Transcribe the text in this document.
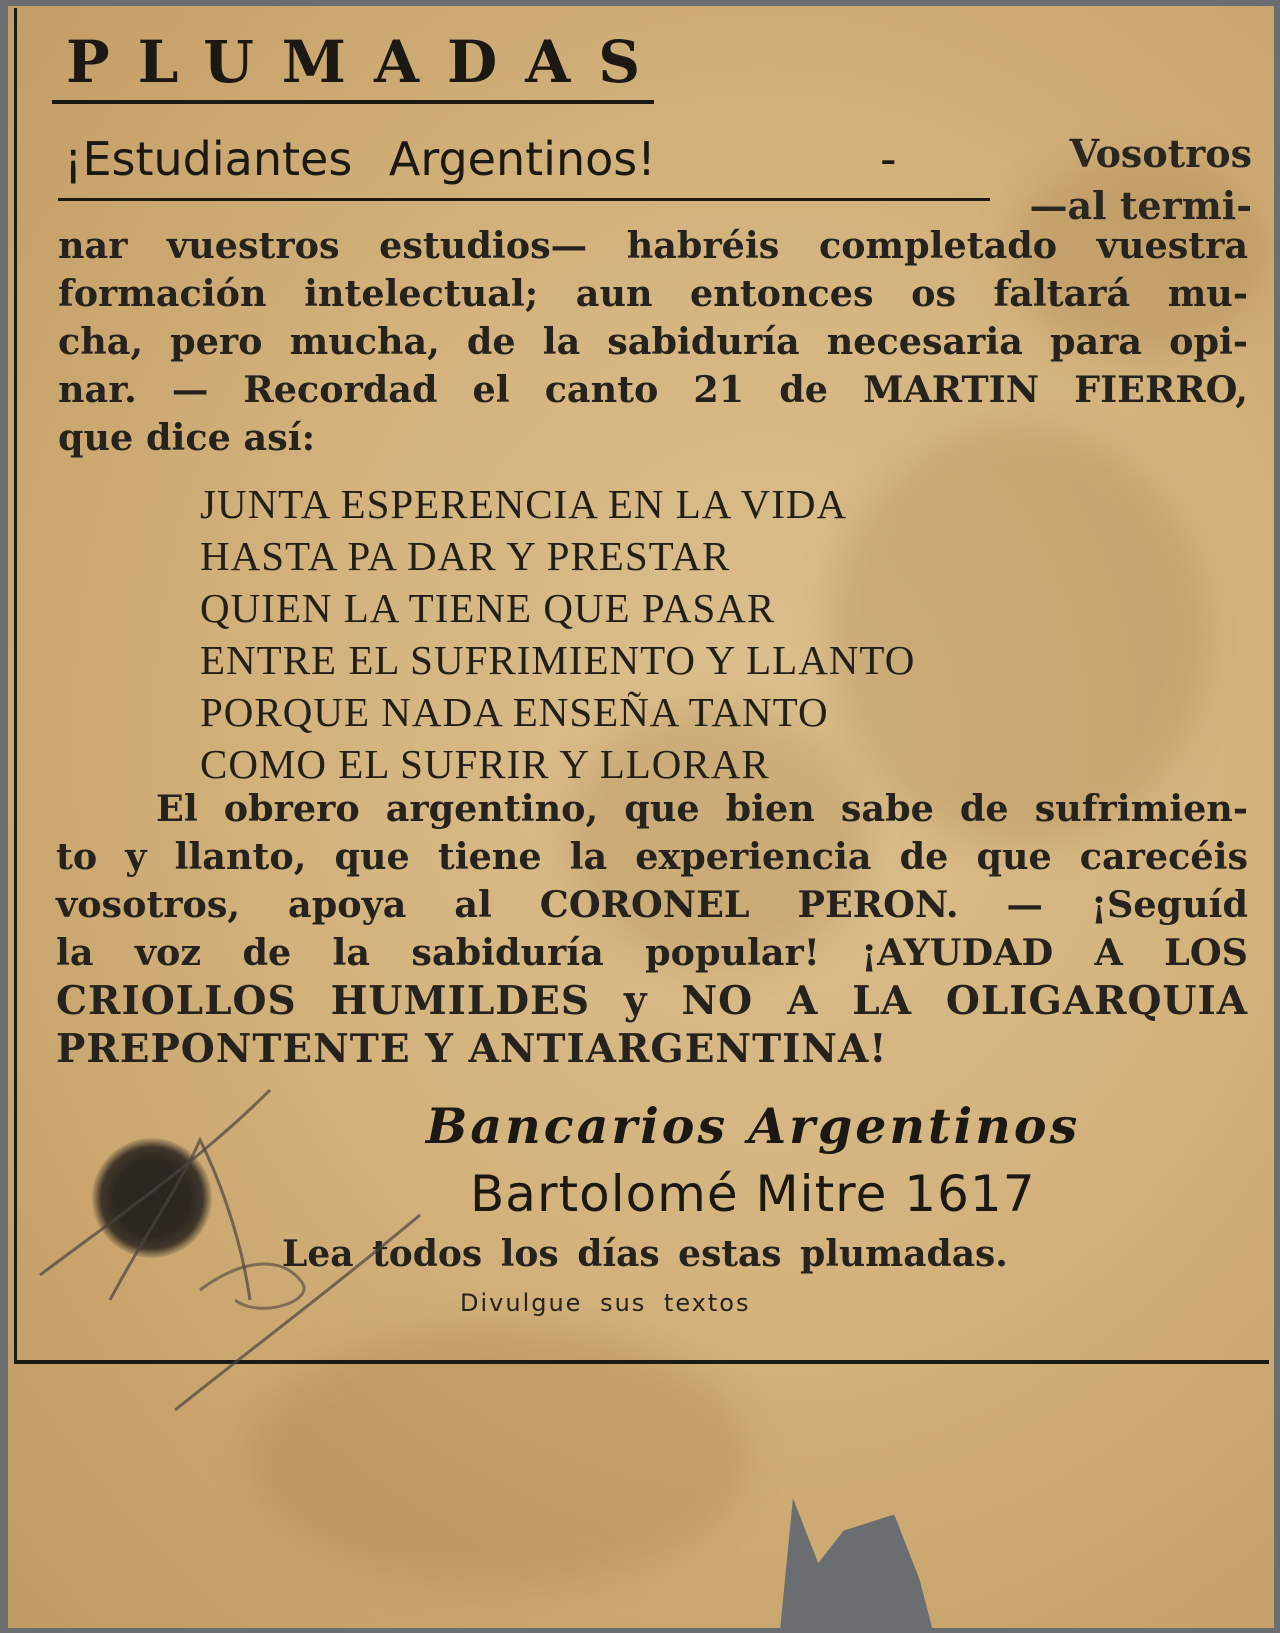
PLUMADAS
¡Estudiantes Argentinos!	-	Vosotros
—al termi-
nar vuestros estudios— habréis completado vuestra
formación intelectual; aun entonces os faltará mu-
cha, pero mucha, de la sabiduría necesaria para opi-
nar. — Recordad el canto 21 de MARTIN FIERRO,
que dice así:
JUNTA ESPERENCIA EN LA VIDA
HASTA PA DAR Y PRESTAR
QUIEN LA TIENE QUE PASAR
ENTRE EL SUFRIMIENTO Y LLANTO
PORQUE NADA ENSEÑA TANTO
COMO EL SUFRIR Y LLORAR
El obrero argentino, que bien sabe de sufrimien-
to y llanto, que tiene la experiencia de que carecéis
vosotros, apoya al CORONEL PERON. — ¡Seguíd
la voz de la sabiduría popular! ¡AYUDAD A LOS
CRIOLLOS HUMILDES y NO A LA OLIGARQUIA
PREPONTENTE Y ANTIARGENTINA!
Bancarios Argentinos
Bartolomé Mitre 1617
Lea todos los días estas plumadas.
Divulgue sus textos
